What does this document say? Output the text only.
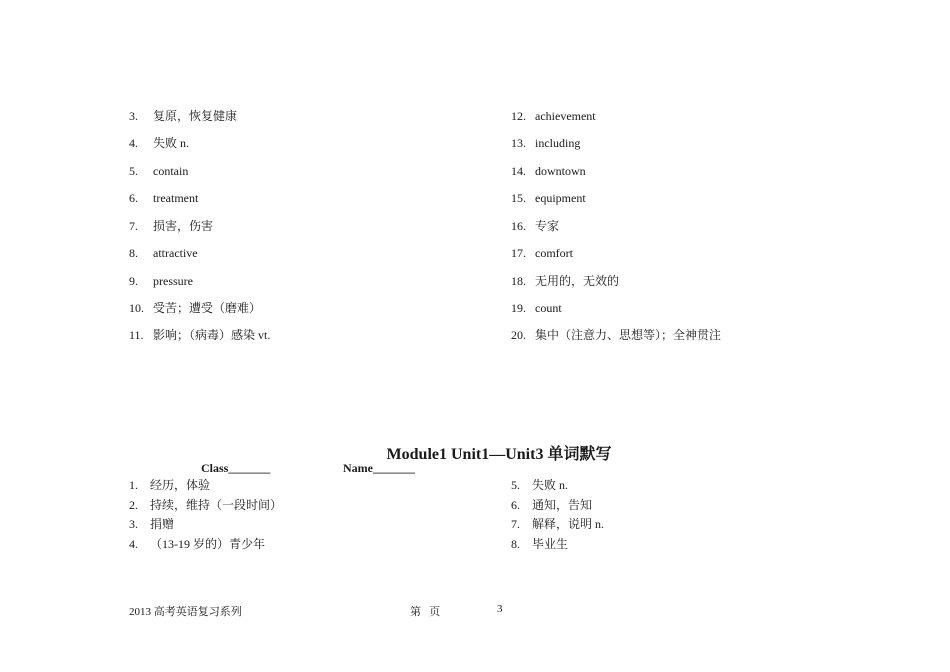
3.	复原，恢复健康
4.	失败 n.
5.	contain
6.	treatment
7.	损害，伤害
8.	attractive
9.	pressure
10. 受苦；遭受（磨难）
11. 影响；（病毒）感染 vt.
12. achievement
13. including
14. downtown
15. equipment
16. 专家
17. comfort
18. 无用的，无效的
19. count
20. 集中（注意力、思想等）；全神贯注
Module1 Unit1—Unit3 单词默写
Class_______	Name_______
1.	经历，体验
2.	持续，维持（一段时间）
3.	捐赠
4.	（13-19 岁的）青少年
5.	失败 n.
6.	通知，告知
7.	解释，说明 n.
8.	毕业生
2013 高考英语复习系列	第   页	3
